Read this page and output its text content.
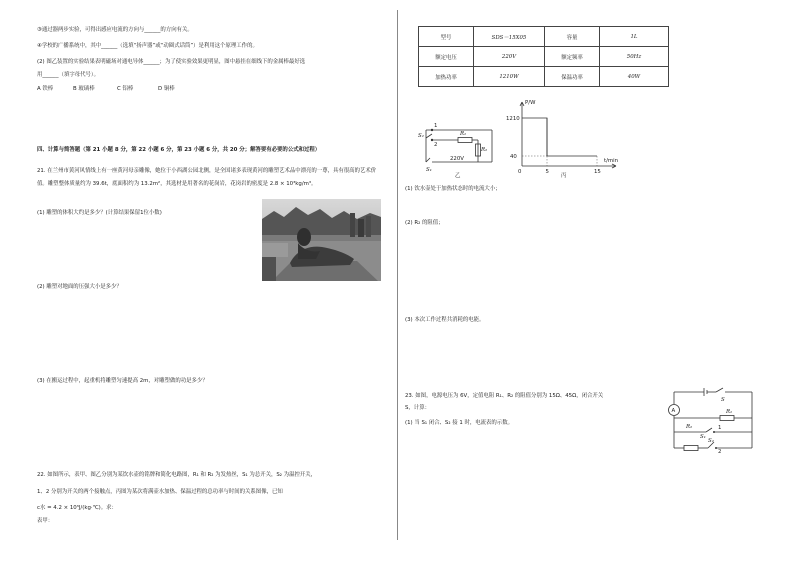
③通过器两步实验，可得出感应电流的方向与______的方向有关。
④学校的广播系统中，其中______（选填“扬声器”或“动圈式话筒”）是利用这个原理工作的。
(2) 图乙装置的实验结果表明磁场对通电导体______；为了使实验效果更明显，图中悬挂在细线下的金属棒最好选
用______（填字母代号）。
A 铁棒	B 玻璃棒	C 铝棒	D 铜棒
四、计算与简答题（第 21 小题 8 分，第 22 小题 6 分，第 23 小题 6 分，共 20 分；解答要有必要的公式和过程）
21. 在兰州市黄河风情线上有一座黄河母亲雕像，她位于小西湖公园北侧，是全国诸多表现黄河的雕塑艺术品中漂亮的一尊，具有很高的艺术价值。雕塑整体质量约为 39.6t，底面积约为 13.2m²，其选材是用著名的花岗岩，花岗岩的密度是 2.8 × 10³kg/m³。
(1) 雕塑的体积大约是多少？(计算结果保留1位小数)
(2) 雕塑对地面的压强大小是多少？
(3) 在搬运过程中，起重机将雕塑匀速提高 2m，对雕塑做的功是多少？
22. 如图所示，表甲、图乙分别为某饮水壶的铭牌和简化电路图，R₁ 和 R₂ 为发热丝，S₁ 为总开关，S₂ 为温控开关，
1、2 分别为开关的两个接触点，丙图为某次将满壶水加热、保温过程的总功率与时间的关系图像，已知
c水 = 4.2 × 10³J/(kg·℃)。求：
表甲：
型号	SDS－15X05	容量	1L
额定电压	220V	额定频率	50Hz
加热功率	1210W	保温功率	40W
1
2
S₂	R₁
R₂
220V
S₁
乙
P/W
t/min
0	5	15
1210
40
丙
(1) 饮水壶处于加热状态时的电流大小；
(2) R₂ 的阻值；
(3) 本次工作过程共消耗的电能。
23. 如图，电源电压为 6V，定值电阻 R₁、R₂ 的阻值分别为 15Ω、45Ω，闭合开关
S，计算：
(1) 当 S₁ 闭合、S₂ 接 1 时，电流表的示数。
A
S
R₁
R₂
S₁
S₂
1
2
